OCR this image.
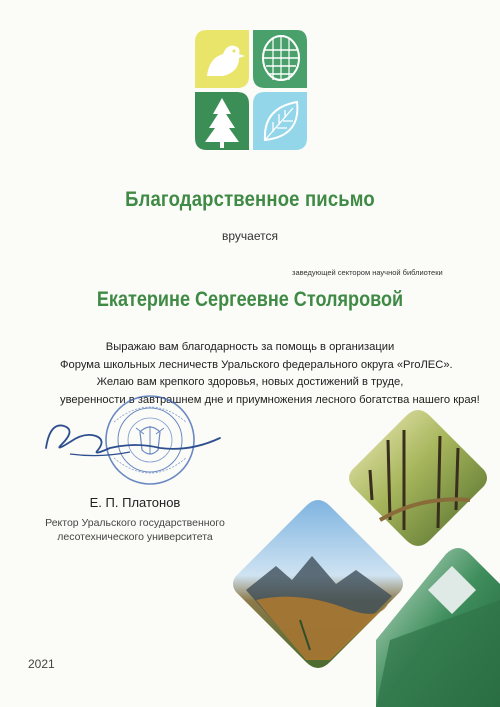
Благодарственное письмо
вручается
заведующей сектором научной библиотеки
Екатерине Сергеевне Столяровой
Выражаю вам благодарность за помощь в организации
Форума школьных лесничеств Уральского федерального округа «ProЛЕС».
Желаю вам крепкого здоровья, новых достижений в труде,
уверенности в завтрашнем дне и приумножения лесного богатства нашего края!
Е. П. Платонов
Ректор Уральского государственного
лесотехнического университета
2021
